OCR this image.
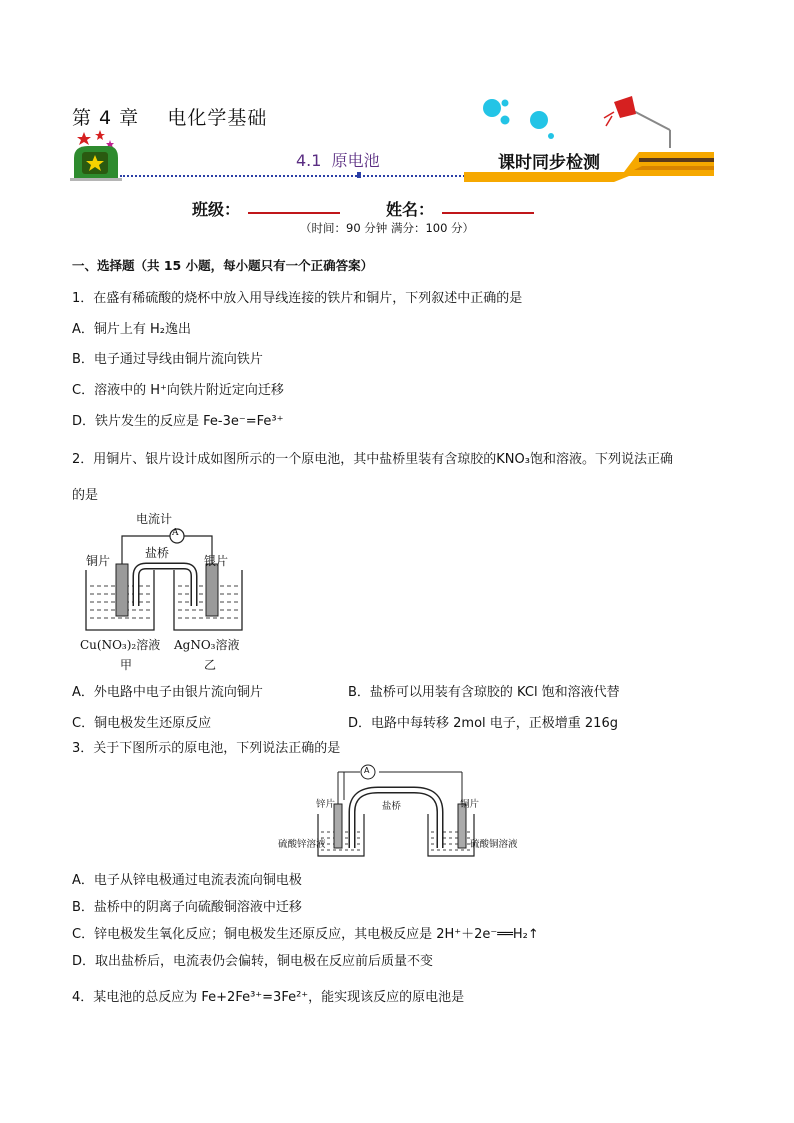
第 4 章    电化学基础
4.1  原电池	课时同步检测
班级：	姓名：
（时间：90 分钟 满分：100 分）
一、选择题（共 15 小题，每小题只有一个正确答案）
1．在盛有稀硫酸的烧杯中放入用导线连接的铁片和铜片，下列叙述中正确的是
A．铜片上有 H₂逸出
B．电子通过导线由铜片流向铁片
C．溶液中的 H⁺向铁片附近定向迁移
D．铁片发生的反应是 Fe-3e⁻=Fe³⁺
2．用铜片、银片设计成如图所示的一个原电池，其中盐桥里装有含琼胶的KNO₃饱和溶液。下列说法正确
的是
电流计
A
铜片
盐桥
银片
Cu(NO₃)₂溶液 AgNO₃溶液
甲	乙
A．外电路中电子由银片流向铜片	B．盐桥可以用装有含琼胶的 KCl 饱和溶液代替
C．铜电极发生还原反应	D．电路中每转移 2mol 电子，正极增重 216g
3．关于下图所示的原电池，下列说法正确的是
A
锌片	盐桥	铜片
硫酸锌溶液	硫酸铜溶液
A．电子从锌电极通过电流表流向铜电极
B．盐桥中的阴离子向硫酸铜溶液中迁移
C．锌电极发生氧化反应；铜电极发生还原反应，其电极反应是 2H⁺＋2e⁻══H₂↑
D．取出盐桥后，电流表仍会偏转，铜电极在反应前后质量不变
4．某电池的总反应为 Fe+2Fe³⁺=3Fe²⁺，能实现该反应的原电池是
